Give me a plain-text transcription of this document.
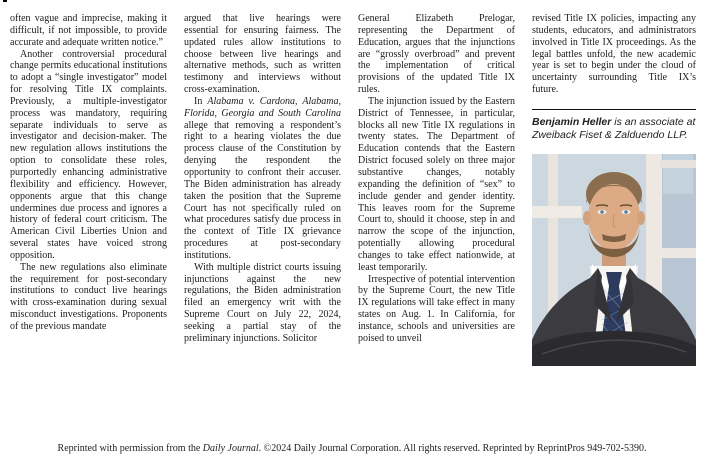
often vague and imprecise, making it difficult, if not impossible, to provide accurate and adequate written notice.”

Another controversial procedural change permits educational institutions to adopt a “single investigator” model for resolving Title IX complaints. Previously, a multiple-investigator process was mandatory, requiring separate individuals to serve as investigator and decision-maker. The new regulation allows institutions the option to consolidate these roles, purportedly enhancing administrative flexibility and efficiency. However, opponents argue that this change undermines due process and ignores a history of federal court criticism. The American Civil Liberties Union and several states have voiced strong opposition.

The new regulations also eliminate the requirement for post-secondary institutions to conduct live hearings with cross-examination during sexual misconduct investigations. Proponents of the previous mandate

argued that live hearings were essential for ensuring fairness. The updated rules allow institutions to choose between live hearings and alternative methods, such as written testimony and interviews without cross-examination.

In Alabama v. Cardona, Alabama, Florida, Georgia and South Carolina allege that removing a respondent’s right to a hearing violates the due process clause of the Constitution by denying the respondent the opportunity to confront their accuser. The Biden administration has already taken the position that the Supreme Court has not specifically ruled on what procedures satisfy due process in the context of Title IX grievance procedures at post-secondary institutions.

With multiple district courts issuing injunctions against the new regulations, the Biden administration filed an emergency writ with the Supreme Court on July 22, 2024, seeking a partial stay of the preliminary injunctions. Solicitor

General Elizabeth Prelogar, representing the Department of Education, argues that the injunctions are “grossly overbroad” and prevent the implementation of critical provisions of the updated Title IX rules.

The injunction issued by the Eastern District of Tennessee, in particular, blocks all new Title IX regulations in twenty states. The Department of Education contends that the Eastern District focused solely on three major substantive changes, notably expanding the definition of “sex” to include gender and gender identity. This leaves room for the Supreme Court to, should it choose, step in and narrow the scope of the injunction, potentially allowing procedural changes to take effect nationwide, at least temporarily.

Irrespective of potential intervention by the Supreme Court, the new Title IX regulations will take effect in many states on Aug. 1. In California, for instance, schools and universities are poised to unveil

revised Title IX policies, impacting any students, educators, and administrators involved in Title IX proceedings. As the legal battles unfold, the new academic year is set to begin under the cloud of uncertainty surrounding Title IX’s future.

Benjamin Heller is an associate at Zweiback Fiset & Zalduendo LLP.

Reprinted with permission from the Daily Journal. ©2024 Daily Journal Corporation. All rights reserved. Reprinted by ReprintPros 949-702-5390.
